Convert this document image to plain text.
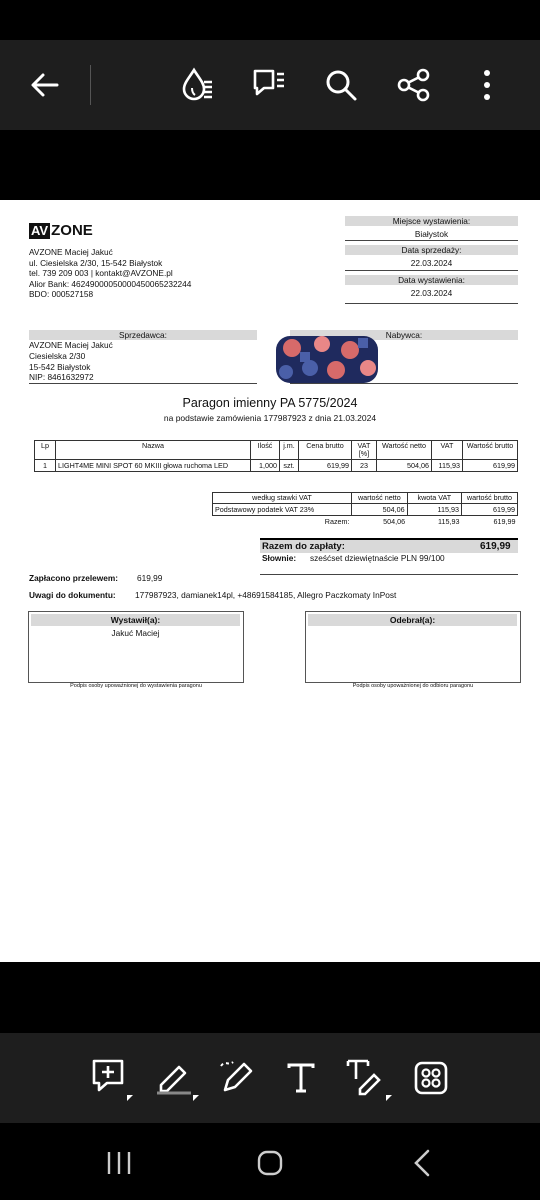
AV ZONE
AVZONE Maciej Jakuć
ul. Ciesielska 2/30, 15-542 Białystok
tel. 739 209 003 | kontakt@AVZONE.pl
Alior Bank: 46249000050000450065232244
BDO: 000527158
Miejsce wystawienia:
Białystok
Data sprzedaży:
22.03.2024
Data wystawienia:
22.03.2024
Sprzedawca:
AVZONE Maciej Jakuć
Ciesielska 2/30
15-542 Białystok
NIP: 8461632972
Nabywca:
Paragon imienny PA 5775/2024
na podstawie zamówienia 177987923 z dnia 21.03.2024
Lp	Nazwa	Ilość	j.m.	Cena brutto	VAT [%]	Wartość netto	VAT	Wartość brutto
1	LIGHT4ME MINI SPOT 60 MKIII głowa ruchoma LED	1,000	szt.	619,99	23	504,06	115,93	619,99
według stawki VAT	wartość netto	kwota VAT	wartość brutto
Podstawowy podatek VAT 23%	504,06	115,93	619,99
Razem:	504,06	115,93	619,99
Razem do zapłaty:	619,99
Słownie: sześćset dziewiętnaście PLN 99/100
Zapłacono przelewem: 619,99
Uwagi do dokumentu: 177987923, damianek14pl, +48691584185, Allegro Paczkomaty InPost
Wystawił(a):
Jakuć Maciej
Podpis osoby upoważnionej do wystawienia paragonu
Odebrał(a):
Podpis osoby upoważnionej do odbioru paragonu
